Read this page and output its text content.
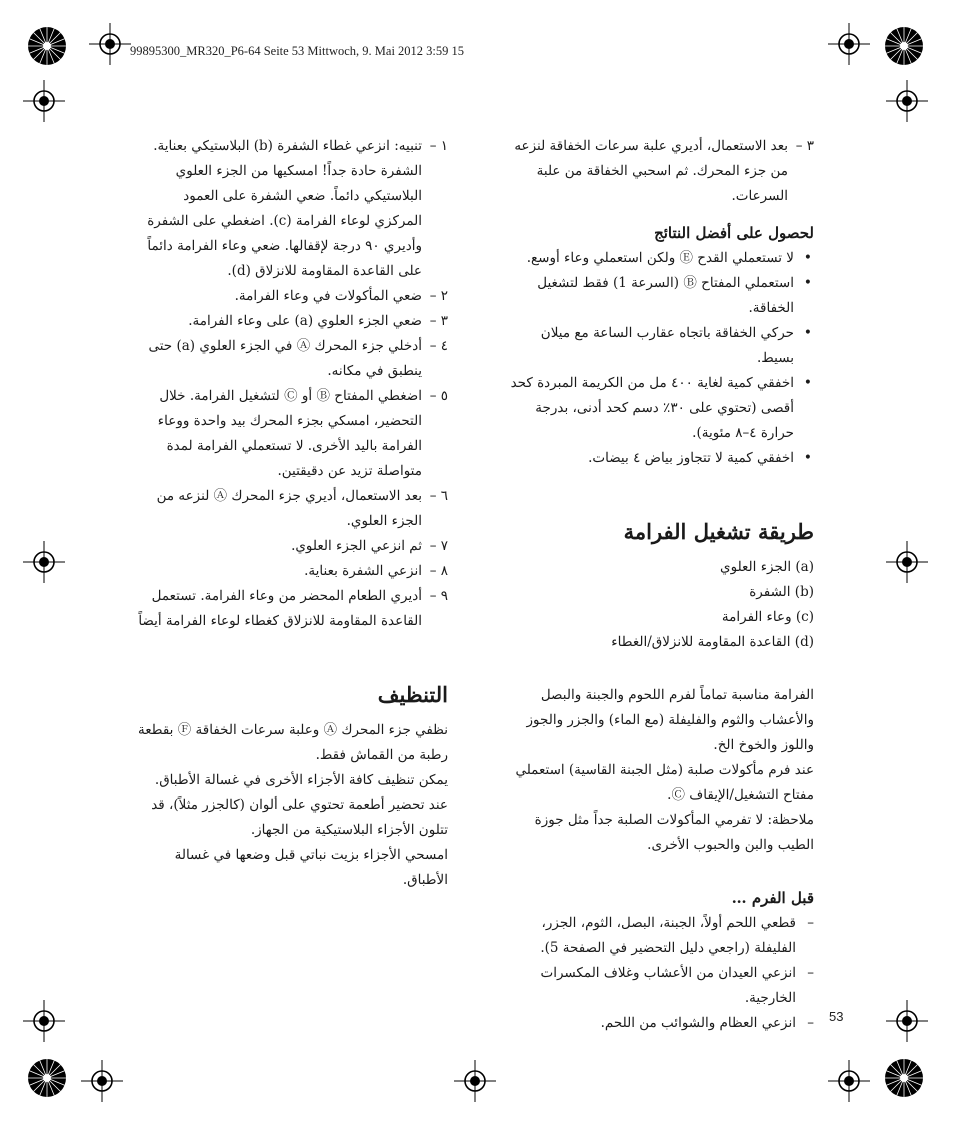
99895300_MR320_P6-64 Seite 53 Mittwoch, 9. Mai 2012 3:59 15

٣ –
بعد الاستعمال، أديري علبة سرعات الخفاقة لنزعه من جزء المحرك. ثم اسحبي الخفاقة من علبة السرعات.

لحصول على أفضل النتائج

• لا تستعملي القدح Ⓔ ولكن استعملي وعاء أوسع.

• استعملي المفتاح Ⓑ (السرعة 1) فقط لتشغيل الخفاقة.

• حركي الخفاقة باتجاه عقارب الساعة مع ميلان بسيط.

• اخفقي كمية لغاية ٤٠٠ مل من الكريمة المبردة كحد أقصى (تحتوي على ٣٠٪ دسم كحد أدنى، بدرجة حرارة ٤–٨ مئوية).

• اخفقي كمية لا تتجاوز بياض ٤ بيضات.

طريقة تشغيل الفرامة

(a) الجزء العلوي

(b) الشفرة

(c) وعاء الفرامة

(d) القاعدة المقاومة للانزلاق/الغطاء

الفرامة مناسبة تماماً لفرم اللحوم والجبنة والبصل والأعشاب والثوم والفليفلة (مع الماء) والجزر والجوز واللوز والخوخ الخ.

عند فرم مأكولات صلبة (مثل الجبنة القاسية) استعملي مفتاح التشغيل/الإيقاف Ⓒ.

ملاحظة: لا تفرمي المأكولات الصلبة جداً مثل جوزة الطيب والبن والحبوب الأخرى.

قبل الفرم …

– قطعي اللحم أولاً، الجبنة، البصل، الثوم، الجزر، الفليفلة (راجعي دليل التحضير في الصفحة 5).

– انزعي العيدان من الأعشاب وغلاف المكسرات الخارجية.

– انزعي العظام والشوائب من اللحم.

١ –
تنبيه: انزعي غطاء الشفرة (b) البلاستيكي بعناية. الشفرة حادة جداً! امسكيها من الجزء العلوي البلاستيكي دائماً. ضعي الشفرة على العمود المركزي لوعاء الفرامة (c). اضغطي على الشفرة وأديري ٩٠ درجة لإقفالها. ضعي وعاء الفرامة دائماً على القاعدة المقاومة للانزلاق (d).

٢ –
ضعي المأكولات في وعاء الفرامة.

٣ –
ضعي الجزء العلوي (a) على وعاء الفرامة.

٤ –
أدخلي جزء المحرك Ⓐ في الجزء العلوي (a) حتى ينطبق في مكانه.

٥ –
اضغطي المفتاح Ⓑ أو Ⓒ لتشغيل الفرامة. خلال التحضير، امسكي بجزء المحرك بيد واحدة ووعاء الفرامة باليد الأخرى. لا تستعملي الفرامة لمدة متواصلة تزيد عن دقيقتين.

٦ –
بعد الاستعمال، أديري جزء المحرك Ⓐ لنزعه من الجزء العلوي.

٧ –
ثم انزعي الجزء العلوي.

٨ –
انزعي الشفرة بعناية.

٩ –
أديري الطعام المحضر من وعاء الفرامة. تستعمل القاعدة المقاومة للانزلاق كغطاء لوعاء الفرامة أيضاً

التنظيف

نظفي جزء المحرك Ⓐ وعلبة سرعات الخفاقة Ⓕ بقطعة رطبة من القماش فقط.

يمكن تنظيف كافة الأجزاء الأخرى في غسالة الأطباق.

عند تحضير أطعمة تحتوي على ألوان (كالجزر مثلاً)، قد تتلون الأجزاء البلاستيكية من الجهاز.

امسحي الأجزاء بزيت نباتي قبل وضعها في غسالة الأطباق.

53
